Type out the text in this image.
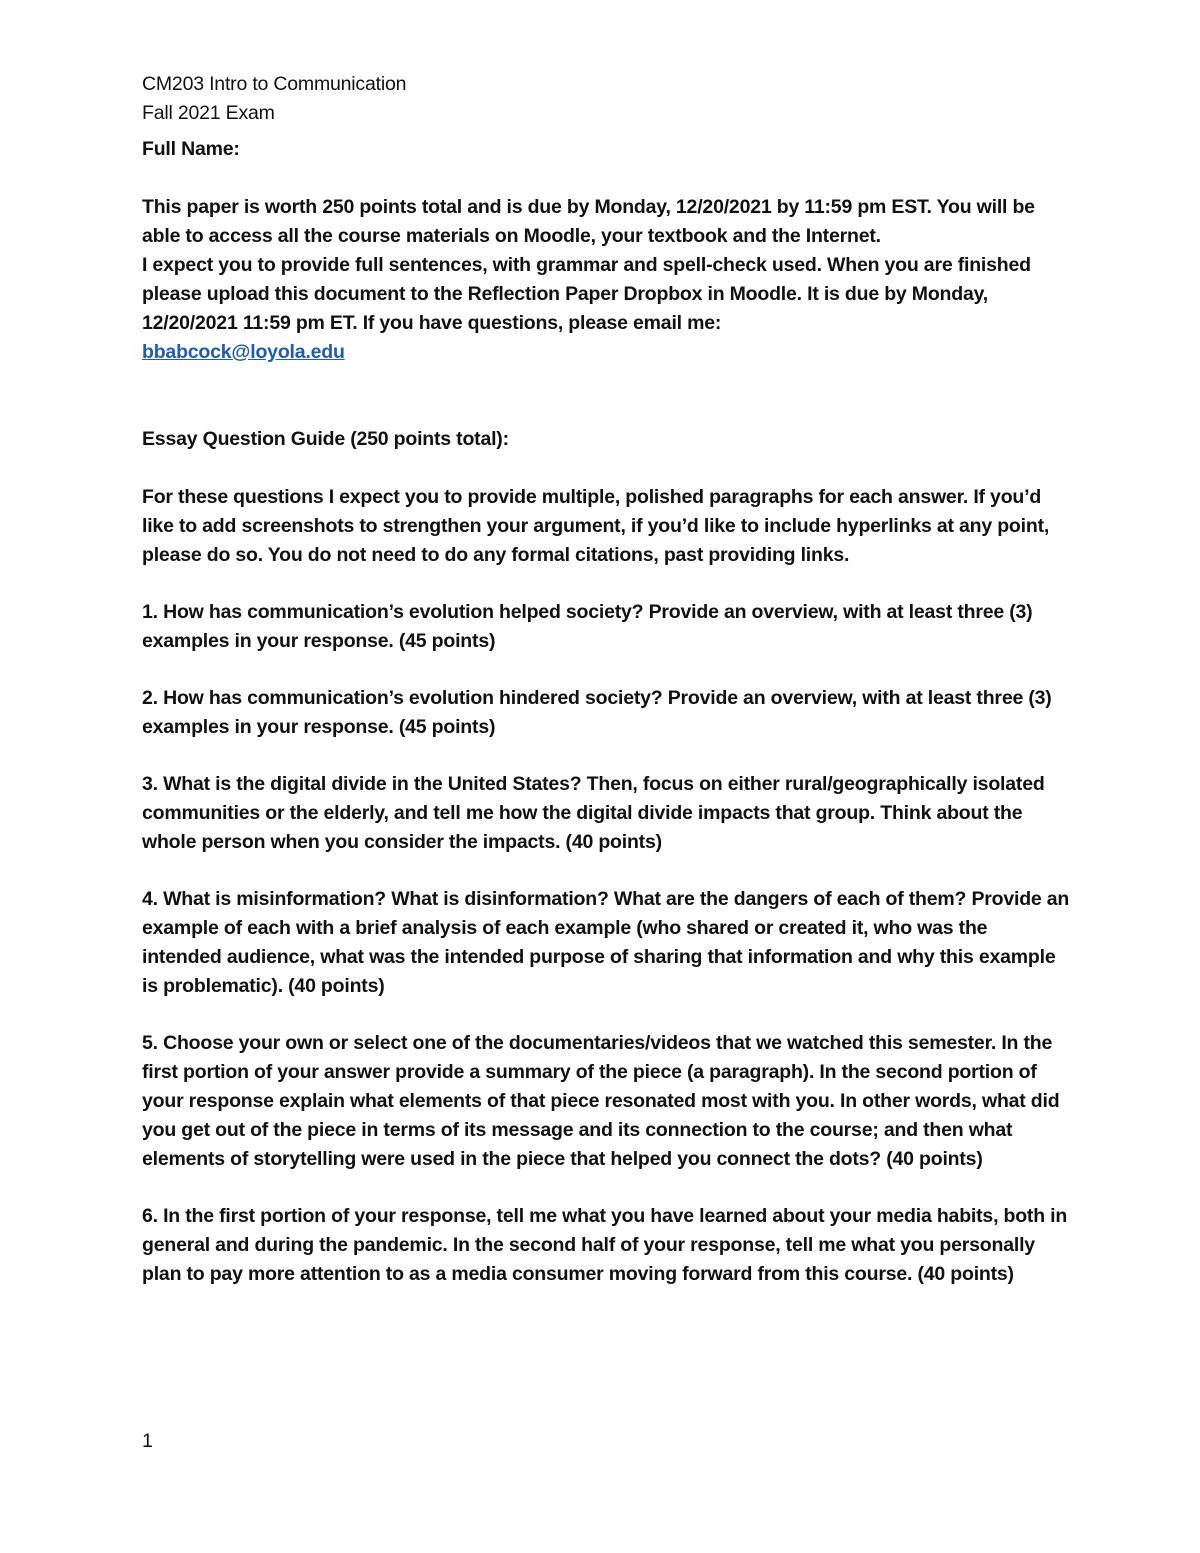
CM203 Intro to Communication

Fall 2021 Exam

Full Name:

This paper is worth 250 points total and is due by Monday, 12/20/2021 by 11:59 pm EST. You will be able to access all the course materials on Moodle, your textbook and the Internet.

I expect you to provide full sentences, with grammar and spell-check used. When you are finished please upload this document to the Reflection Paper Dropbox in Moodle. It is due by Monday, 12/20/2021 11:59 pm ET. If you have questions, please email me:

bbabcock@loyola.edu

Essay Question Guide (250 points total):

For these questions I expect you to provide multiple, polished paragraphs for each answer. If you’d like to add screenshots to strengthen your argument, if you’d like to include hyperlinks at any point, please do so. You do not need to do any formal citations, past providing links.

1. How has communication’s evolution helped society? Provide an overview, with at least three (3) examples in your response. (45 points)

2. How has communication’s evolution hindered society? Provide an overview, with at least three (3) examples in your response. (45 points)

3. What is the digital divide in the United States? Then, focus on either rural/geographically isolated communities or the elderly, and tell me how the digital divide impacts that group. Think about the whole person when you consider the impacts. (40 points)

4. What is misinformation? What is disinformation? What are the dangers of each of them? Provide an example of each with a brief analysis of each example (who shared or created it, who was the intended audience, what was the intended purpose of sharing that information and why this example is problematic). (40 points)

5. Choose your own or select one of the documentaries/videos that we watched this semester. In the first portion of your answer provide a summary of the piece (a paragraph). In the second portion of your response explain what elements of that piece resonated most with you. In other words, what did you get out of the piece in terms of its message and its connection to the course; and then what elements of storytelling were used in the piece that helped you connect the dots? (40 points)

6. In the first portion of your response, tell me what you have learned about your media habits, both in general and during the pandemic. In the second half of your response, tell me what you personally plan to pay more attention to as a media consumer moving forward from this course. (40 points)

1
